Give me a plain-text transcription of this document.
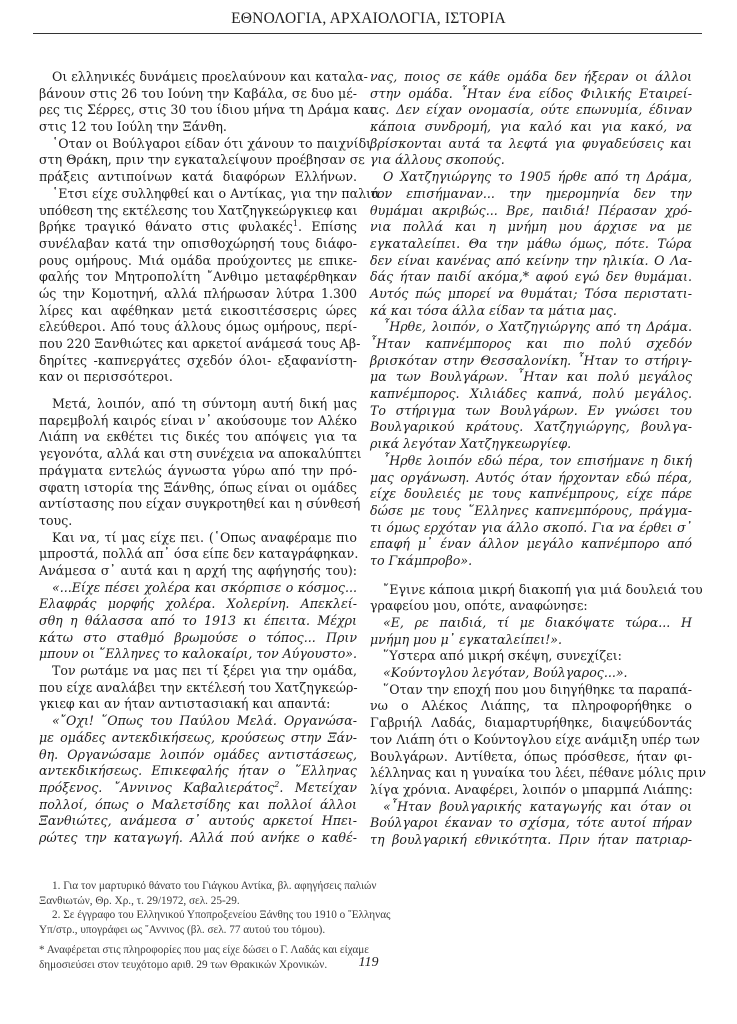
ΕΘΝΟΛΟΓΙΑ, ΑΡΧΑΙΟΛΟΓΙΑ, ΙΣΤΟΡΙΑ
Οι ελληνικές δυνάμεις προελαύνουν και καταλα-
βάνουν στις 26 του Ιούνη την Καβάλα, σε δυο μέ-
ρες τις Σέρρες, στις 30 του ίδιου μήνα τη Δράμα και
στις 12 του Ιούλη την Ξάνθη.
῾Οταν οι Βούλγαροι είδαν ότι χάνουν το παιχνίδι
στη Θράκη, πριν την εγκαταλείψουν προέβησαν σε
πράξεις αντιποίνων κατά διαφόρων Ελλήνων.
῾Ετσι είχε συλληφθεί και ο Αντίκας, για την παλιά
υπόθεση της εκτέλεσης του Χατζηγκεώργκιεφ και
βρήκε τραγικό θάνατο στις φυλακές$^1$. Επίσης
συνέλαβαν κατά την οπισθοχώρησή τους διάφο-
ρους ομήρους. Μιά ομάδα προύχοντες με επικε-
φαλής τον Μητροπολίτη ῎Ανθιμο μεταφέρθηκαν
ώς την Κομοτηνή, αλλά πλήρωσαν λύτρα 1.300
λίρες και αφέθηκαν μετά εικοσιτέσσερις ώρες
ελεύθεροι. Από τους άλλους όμως ομήρους, περί-
που 220 Ξανθιώτες και αρκετοί ανάμεσά τους Αβ-
δηρίτες -καπνεργάτες σχεδόν όλοι- εξαφανίστη-
καν οι περισσότεροι.
Μετά, λοιπόν, από τη σύντομη αυτή δική μας
παρεμβολή καιρός είναι ν᾽ ακούσουμε τον Αλέκο
Λιάπη να εκθέτει τις δικές του απόψεις για τα
γεγονότα, αλλά και στη συνέχεια να αποκαλύπτει
πράγματα εντελώς άγνωστα γύρω από την πρό-
σφατη ιστορία της Ξάνθης, όπως είναι οι ομάδες
αντίστασης που είχαν συγκροτηθεί και η σύνθεσή
τους.
Και να, τί μας είχε πει. (῾Οπως αναφέραμε πιο
μπροστά, πολλά απ᾽ όσα είπε δεν καταγράφηκαν.
Ανάμεσα σ᾽ αυτά και η αρχή της αφήγησής του):
«...Είχε πέσει χολέρα και σκόρπισε ο κόσμος...
Ελαφράς μορφής χολέρα. Χολερίνη. Απεκλεί-
σθη η θάλασσα από το 1913 κι έπειτα. Μέχρι
κάτω στο σταθμό βρωμούσε ο τόπος... Πριν
μπουν οι ῞Ελληνες το καλοκαίρι, τον Αύγουστο».
Τον ρωτάμε να μας πει τί ξέρει για την ομάδα,
που είχε αναλάβει την εκτέλεσή του Χατζηγκεώρ-
γκιεφ και αν ήταν αντιστασιακή και απαντά:
«῎Οχι! ῞Οπως του Παύλου Μελά. Οργανώσα-
με ομάδες αντεκδικήσεως, κρούσεως στην Ξάν-
θη. Οργανώσαμε λοιπόν ομάδες αντιστάσεως,
αντεκδικήσεως. Επικεφαλής ήταν ο ῞Ελληνας
πρόξενος. ῎Αννινος Καβαλιεράτος$^2$. Μετείχαν
πολλοί, όπως ο Μαλετσίδης και πολλοί άλλοι
Ξανθιώτες, ανάμεσα σ᾽ αυτούς αρκετοί Ηπει-
ρώτες την καταγωγή. Αλλά πού ανήκε ο καθέ-
νας, ποιος σε κάθε ομάδα δεν ήξεραν οι άλλοι
στην ομάδα. ῏Ηταν ένα είδος Φιλικής Εταιρεί-
ας. Δεν είχαν ονομασία, ούτε επωνυμία, έδιναν
κάποια συνδρομή, για καλό και για κακό, να
βρίσκονται αυτά τα λεφτά για φυγαδεύσεις και
για άλλους σκοπούς.
Ο Χατζηγιώργης το 1905 ήρθε από τη Δράμα,
τον επισήμαναν... την ημερομηνία δεν την
θυμάμαι ακριβώς... Βρε, παιδιά! Πέρασαν χρό-
νια πολλά και η μνήμη μου άρχισε να με
εγκαταλείπει. Θα την μάθω όμως, πότε. Τώρα
δεν είναι κανένας από κείνην την ηλικία. Ο Λα-
δάς ήταν παιδί ακόμα,* αφού εγώ δεν θυμάμαι.
Αυτός πώς μπορεί να θυμάται; Τόσα περιστατι-
κά και τόσα άλλα είδαν τα μάτια μας.
῏Ηρθε, λοιπόν, ο Χατζηγιώργης από τη Δράμα.
῏Ηταν καπνέμπορος και πιο πολύ σχεδόν
βρισκόταν στην Θεσσαλονίκη. ῏Ηταν το στήριγ-
μα των Βουλγάρων. ῏Ηταν και πολύ μεγάλος
καπνέμπορος. Χιλιάδες καπνά, πολύ μεγάλος.
Το στήριγμα των Βουλγάρων. Εν γνώσει του
Βουλγαρικού κράτους. Χατζηγιώργης, βουλγα-
ρικά λεγόταν Χατζηγκεωργίεφ.
῏Ηρθε λοιπόν εδώ πέρα, τον επισήμανε η δική
μας οργάνωση. Αυτός όταν ήρχονταν εδώ πέρα,
είχε δουλειές με τους καπνέμπρους, είχε πάρε
δώσε με τους ῞Ελληνες καπνεμπόρους, πράγμα-
τι όμως ερχόταν για άλλο σκοπό. Για να έρθει σ᾽
επαφή μ᾽ έναν άλλον μεγάλο καπνέμπορο από
το Γκάμπροβο».
῎Εγινε κάποια μικρή διακοπή για μιά δουλειά του
γραφείου μου, οπότε, αναφώνησε:
«Ε, ρε παιδιά, τί με διακόψατε τώρα... Η
μνήμη μου μ᾽ εγκαταλείπει!».
῞Υστερα από μικρή σκέψη, συνεχίζει:
«Κούντογλου λεγόταν, Βούλγαρος...».
῞Οταν την εποχή που μου διηγήθηκε τα παραπά-
νω ο Αλέκος Λιάπης, τα πληροφορήθηκε ο
Γαβριήλ Λαδάς, διαμαρτυρήθηκε, διαψεύδοντάς
τον Λιάπη ότι ο Κούντογλου είχε ανάμιξη υπέρ των
Βουλγάρων. Αντίθετα, όπως πρόσθεσε, ήταν φι-
λέλληνας και η γυναίκα του λέει, πέθανε μόλις πριν
λίγα χρόνια. Αναφέρει, λοιπόν ο μπαρμπά Λιάπης:
«῏Ηταν βουλγαρικής καταγωγής και όταν οι
Βούλγαροι έκαναν το σχίσμα, τότε αυτοί πήραν
τη βουλγαρική εθνικότητα. Πριν ήταν πατριαρ-
1. Για τον μαρτυρικό θάνατο του Γιάγκου Αντίκα, βλ. αφηγήσεις παλιών
Ξανθιωτών, Θρ. Χρ., τ. 29/1972, σελ. 25-29.
2. Σε έγγραφο του Ελληνικού Υποπροξενείου Ξάνθης του 1910 ο ῞Ελληνας
Υπ/στρ., υπογράφει ως ῎Αννινος (βλ. σελ. 77 αυτού του τόμου).
* Αναφέρεται στις πληροφορίες που μας είχε δώσει ο Γ. Λαδάς και είχαμε
δημοσιεύσει στον τευχότομο αριθ. 29 των Θρακικών Χρονικών.	119
